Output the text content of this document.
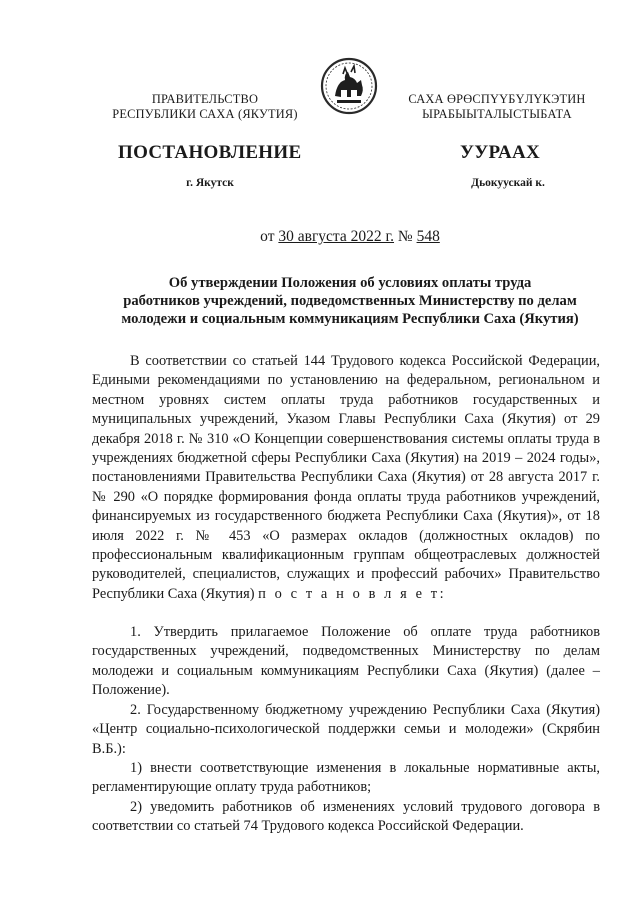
ПРАВИТЕЛЬСТВО
РЕСПУБЛИКИ САХА (ЯКУТИЯ)
САХА ӨРӨСПҮҮБҮЛҮКЭТИН
ЫРАБЫЫТАЛЫСТЫБАТА
ПОСТАНОВЛЕНИЕ	УУРААХ
г. Якутск	Дьокуускай к.
от 30 августа 2022 г. № 548
Об утверждении Положения об условиях оплаты труда
работников учреждений, подведомственных Министерству по делам
молодежи и социальным коммуникациям Республики Саха (Якутия)
В соответствии со статьей 144 Трудового кодекса Российской Федерации, Едиными рекомендациями по установлению на федеральном, региональном и местном уровнях систем оплаты труда работников государственных и муниципальных учреждений, Указом Главы Республики Саха (Якутия) от 29 декабря 2018 г. № 310 «О Концепции совершенствования системы оплаты труда в учреждениях бюджетной сферы Республики Саха (Якутия) на 2019 – 2024 годы», постановлениями Правительства Республики Саха (Якутия) от 28 августа 2017 г. № 290 «О порядке формирования фонда оплаты труда работников учреждений, финансируемых из государственного бюджета Республики Саха (Якутия)», от 18 июля 2022 г. № 453 «О размерах окладов (должностных окладов) по профессиональным квалификационным группам общеотраслевых должностей руководителей, специалистов, служащих и профессий рабочих» Правительство Республики Саха (Якутия) п о с т а н о в л я е т:
1. Утвердить прилагаемое Положение об оплате труда работников государственных учреждений, подведомственных Министерству по делам молодежи и социальным коммуникациям Республики Саха (Якутия) (далее – Положение).
2. Государственному бюджетному учреждению Республики Саха (Якутия) «Центр социально-психологической поддержки семьи и молодежи» (Скрябин В.Б.):
1) внести соответствующие изменения в локальные нормативные акты, регламентирующие оплату труда работников;
2) уведомить работников об изменениях условий трудового договора в соответствии со статьей 74 Трудового кодекса Российской Федерации.
